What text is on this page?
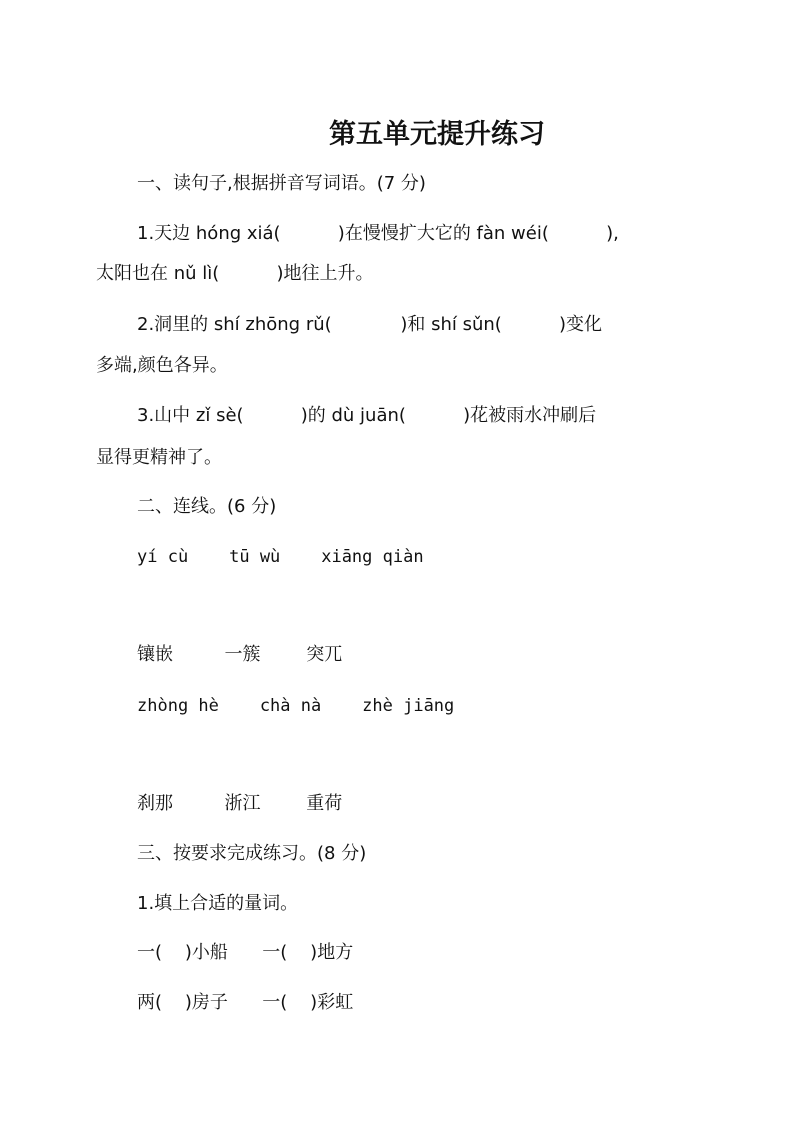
第五单元提升练习
一、读句子,根据拼音写词语。(7 分)
1.天边 hóng xiá(          )在慢慢扩大它的 fàn wéi(          ),
太阳也在 nǔ lì(          )地往上升。
2.洞里的 shí zhōng rǔ(            )和 shí sǔn(          )变化
多端,颜色各异。
3.山中 zǐ sè(          )的 dù juān(          )花被雨水冲刷后
显得更精神了。
二、连线。(6 分)
yí cù    tū wù    xiāng qiàn
镶嵌         一簇        突兀
zhòng hè    chà nà    zhè jiāng
刹那         浙江        重荷
三、按要求完成练习。(8 分)
1.填上合适的量词。
一(    )小船      一(    )地方
两(    )房子      一(    )彩虹
